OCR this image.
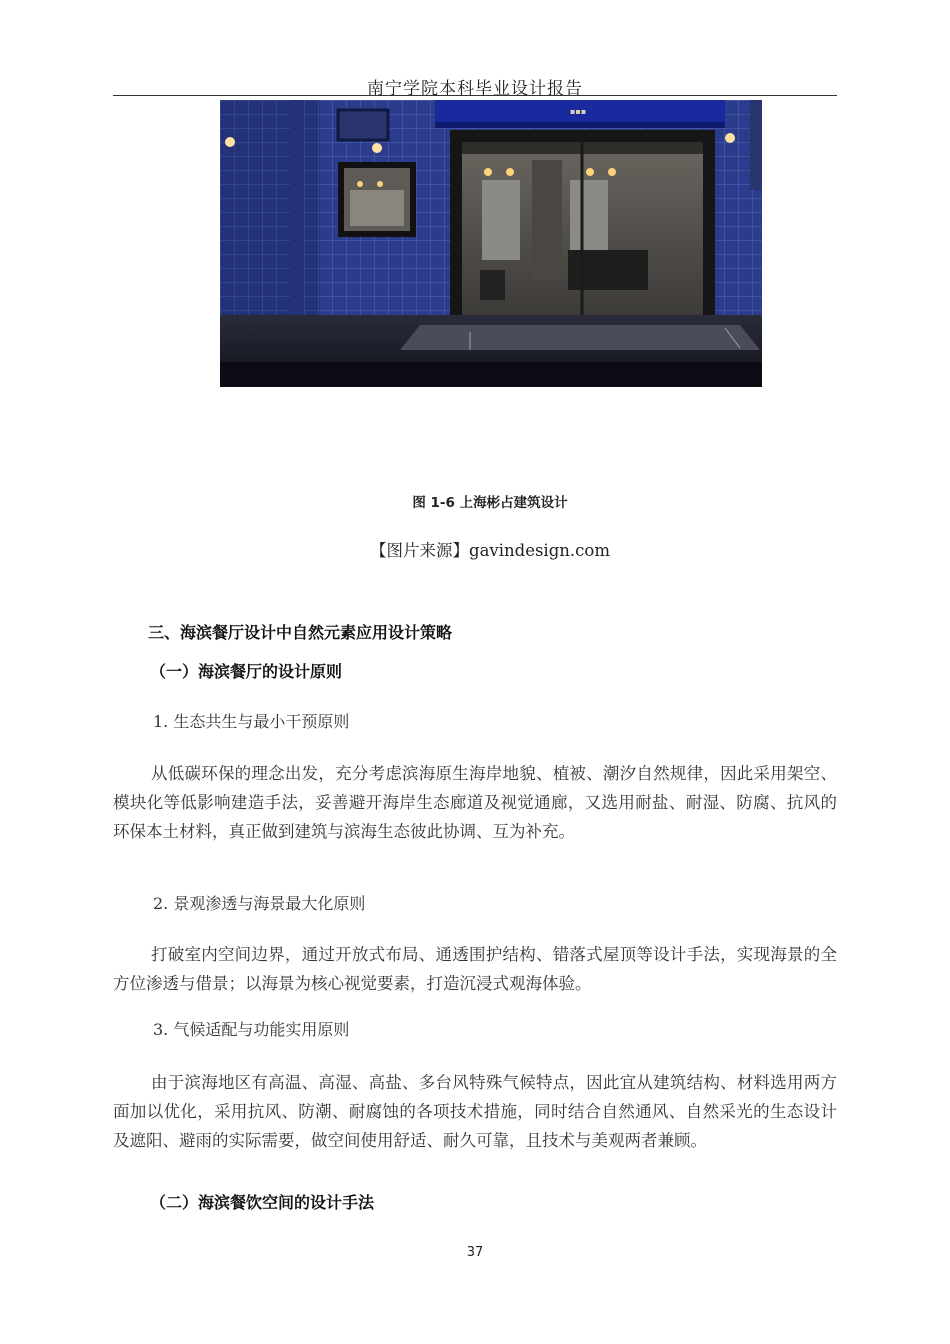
南宁学院本科毕业设计报告
▪▪▪
图 1-6 上海彬占建筑设计
【图片来源】gavindesign.com
三、海滨餐厅设计中自然元素应用设计策略
（一）海滨餐厅的设计原则
1. 生态共生与最小干预原则
从低碳环保的理念出发，充分考虑滨海原生海岸地貌、植被、潮汐自然规律，因此采用架空、模块化等低影响建造手法，妥善避开海岸生态廊道及视觉通廊，又选用耐盐、耐湿、防腐、抗风的环保本土材料，真正做到建筑与滨海生态彼此协调、互为补充。
2. 景观渗透与海景最大化原则
打破室内空间边界，通过开放式布局、通透围护结构、错落式屋顶等设计手法，实现海景的全方位渗透与借景；以海景为核心视觉要素，打造沉浸式观海体验。
3. 气候适配与功能实用原则
由于滨海地区有高温、高湿、高盐、多台风特殊气候特点，因此宜从建筑结构、材料选用两方面加以优化，采用抗风、防潮、耐腐蚀的各项技术措施，同时结合自然通风、自然采光的生态设计及遮阳、避雨的实际需要，做空间使用舒适、耐久可靠，且技术与美观两者兼顾。
（二）海滨餐饮空间的设计手法
37
